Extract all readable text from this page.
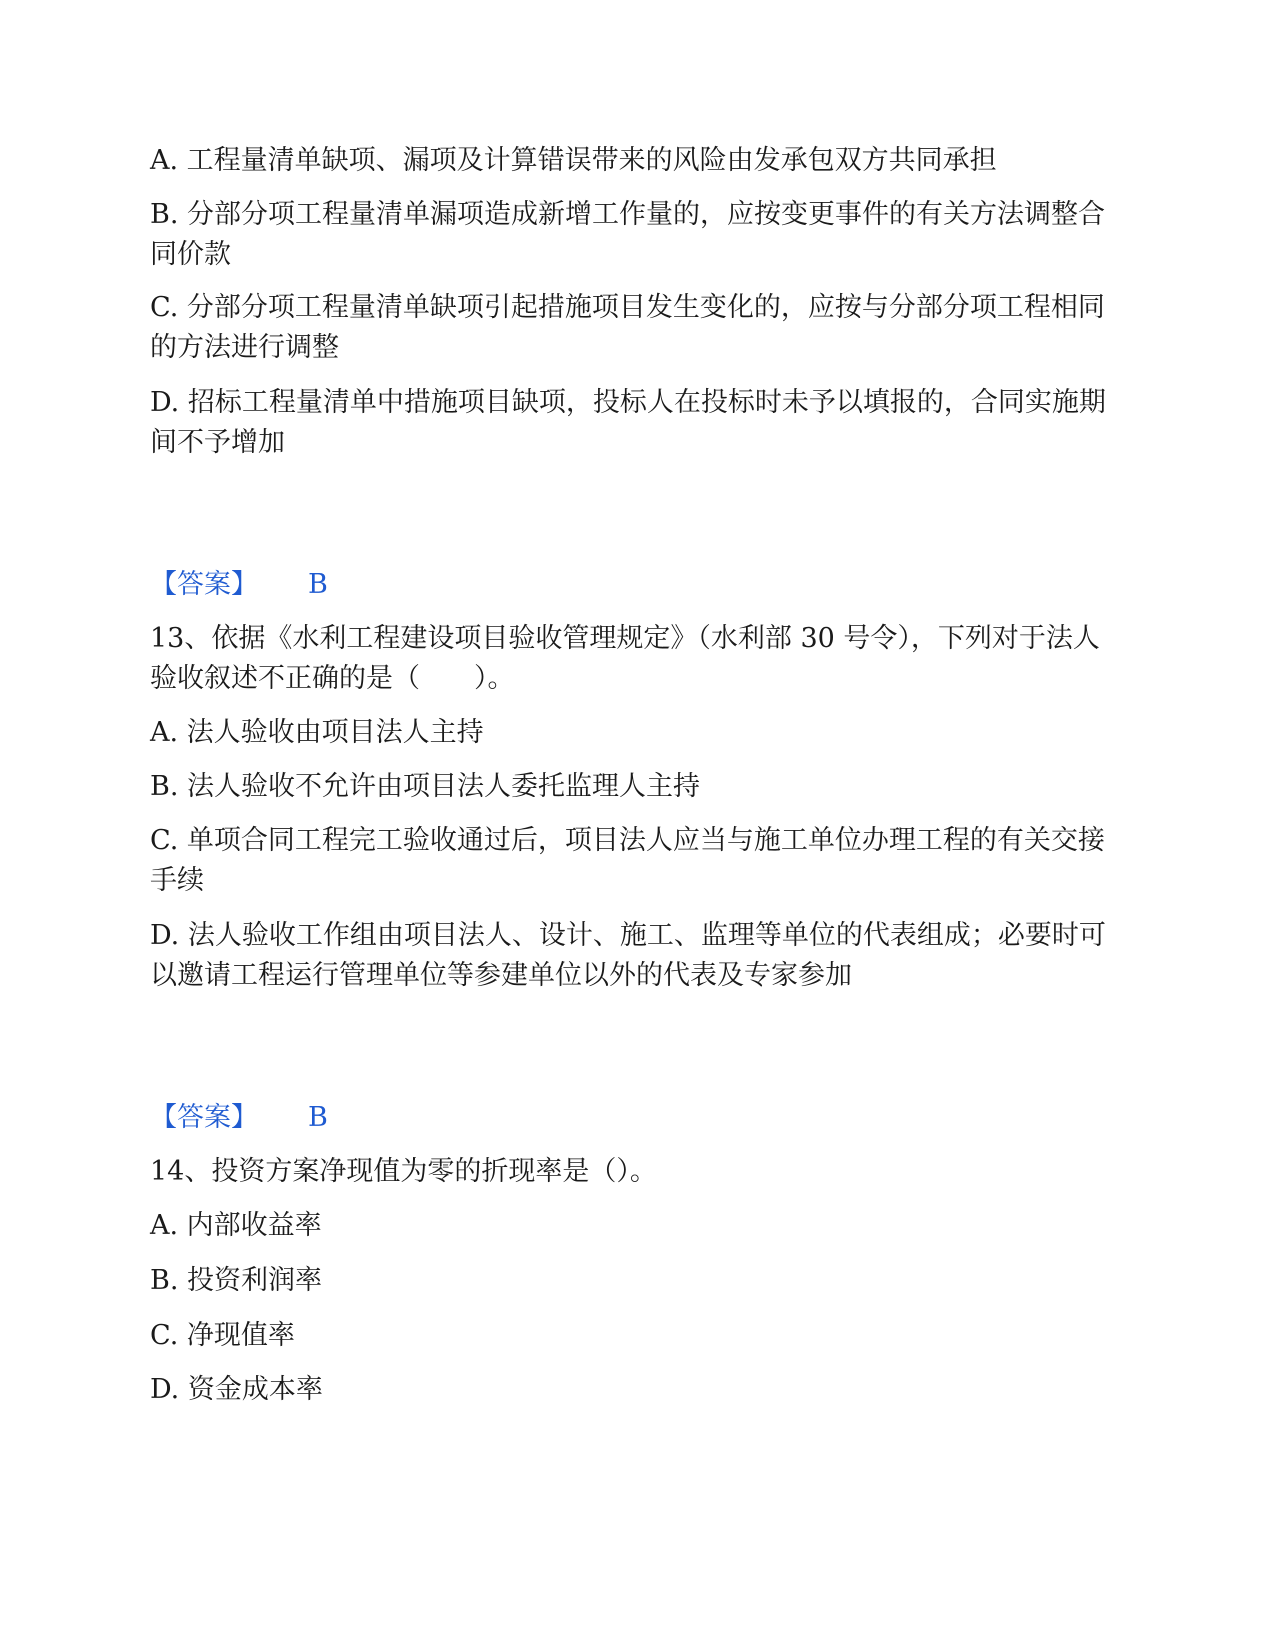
A. 工程量清单缺项、漏项及计算错误带来的风险由发承包双方共同承担

B. 分部分项工程量清单漏项造成新增工作量的，应按变更事件的有关方法调整合同价款

C. 分部分项工程量清单缺项引起措施项目发生变化的，应按与分部分项工程相同的方法进行调整

D. 招标工程量清单中措施项目缺项，投标人在投标时未予以填报的，合同实施期间不予增加

【答案】 B

13、依据《水利工程建设项目验收管理规定》（水利部 30 号令），下列对于法人验收叙述不正确的是（　　）。

A. 法人验收由项目法人主持

B. 法人验收不允许由项目法人委托监理人主持

C. 单项合同工程完工验收通过后，项目法人应当与施工单位办理工程的有关交接手续

D. 法人验收工作组由项目法人、设计、施工、监理等单位的代表组成；必要时可以邀请工程运行管理单位等参建单位以外的代表及专家参加

【答案】 B

14、投资方案净现值为零的折现率是（）。

A. 内部收益率

B. 投资利润率

C. 净现值率

D. 资金成本率
